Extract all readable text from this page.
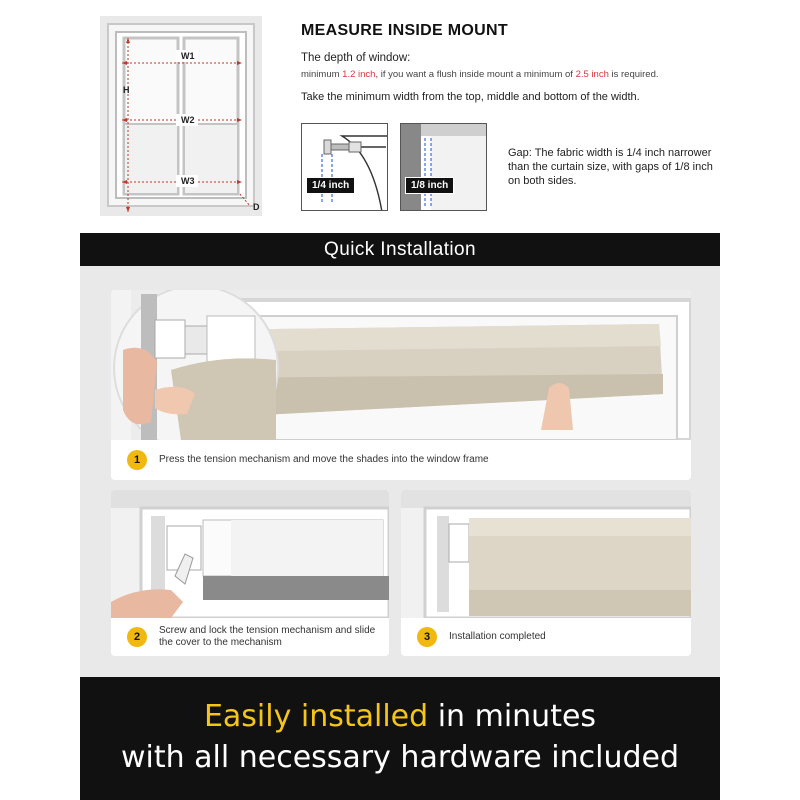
W1
W2
W3
H
D
MEASURE INSIDE MOUNT
The depth of window:
minimum 1.2 inch, if you want a flush inside mount a minimum of 2.5 inch is required.
Take the minimum width from the top, middle and bottom of the width.
1/4 inch	1/8 inch
Gap: The fabric width is 1/4 inch narrower than the curtain size, with gaps of 1/8 inch on both sides.
Quick Installation
1	Press the tension mechanism and move the shades into the window frame
2
Screw and lock the tension mechanism and slide the cover to the mechanism	3	Installation completed
Easily installed in minutes
with all necessary hardware included
